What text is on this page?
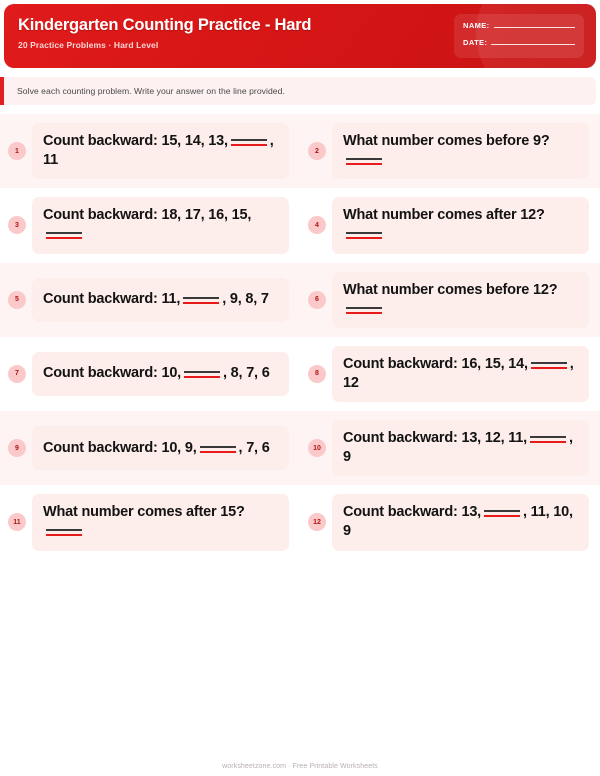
Kindergarten Counting Practice - Hard
20 Practice Problems · Hard Level
NAME:
DATE:
Solve each counting problem. Write your answer on the line provided.
1
Count backward: 15, 14, 13,	, 11
2
What number comes before 9?
3
Count backward: 18, 17, 16, 15,
4
What number comes after 12?
5	Count backward: 11,	, 9, 8, 7	6
What number comes before 12?
7	Count backward: 10,	, 8, 7, 6	8
Count backward: 16, 15, 14,	, 12
9	Count backward: 10, 9,	, 7, 6	10
Count backward: 13, 12, 11,	, 9
11
What number comes after 15?
12
Count backward: 13,	, 11, 10, 9
worksheetzone.com · Free Printable Worksheets
